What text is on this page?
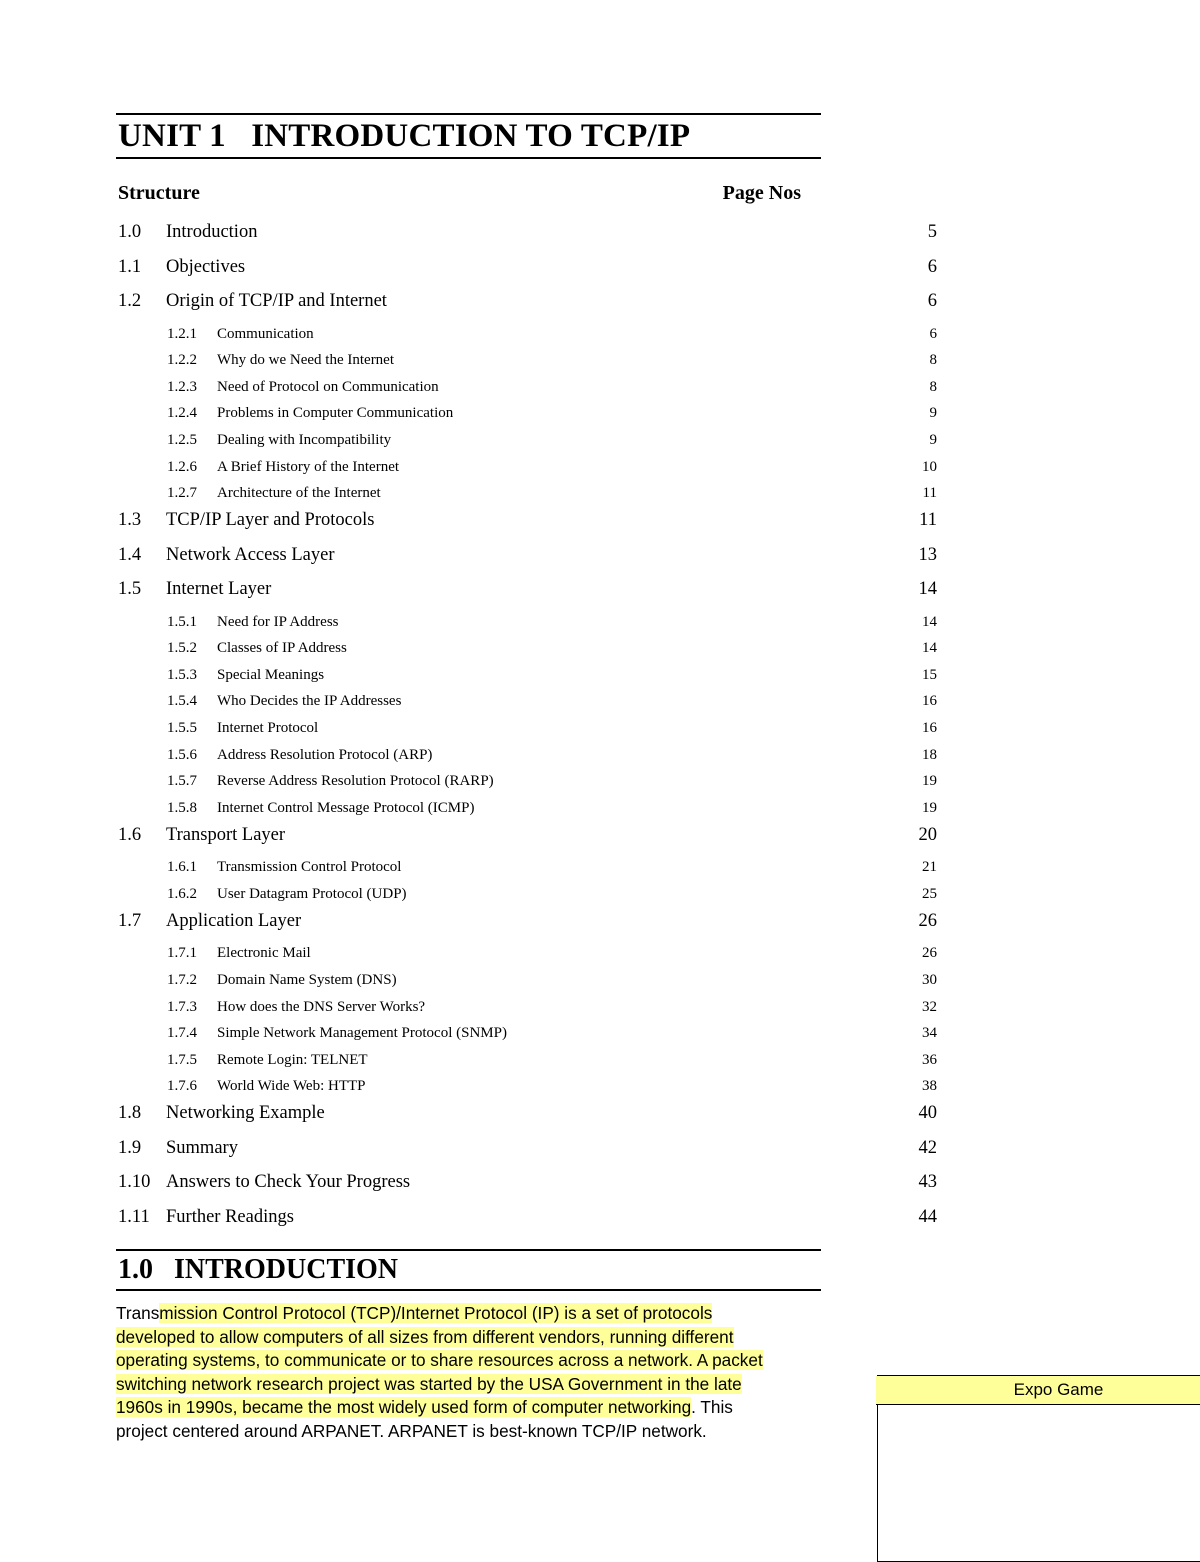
UNIT 1   INTRODUCTION TO TCP/IP
Structure	Page Nos
1.0 Introduction	5
1.1 Objectives	6
1.2 Origin of TCP/IP and Internet	6
1.2.1 Communication	6
1.2.2 Why do we Need the Internet	8
1.2.3 Need of Protocol on Communication	8
1.2.4 Problems in Computer Communication	9
1.2.5 Dealing with Incompatibility	9
1.2.6 A Brief History of the Internet	10
1.2.7 Architecture of the Internet	11
1.3 TCP/IP Layer and Protocols	11
1.4 Network Access Layer	13
1.5 Internet Layer	14
1.5.1 Need for IP Address	14
1.5.2 Classes of IP Address	14
1.5.3 Special Meanings	15
1.5.4 Who Decides the IP Addresses	16
1.5.5 Internet Protocol	16
1.5.6 Address Resolution Protocol (ARP)	18
1.5.7 Reverse Address Resolution Protocol (RARP)	19
1.5.8 Internet Control Message Protocol (ICMP)	19
1.6 Transport Layer	20
1.6.1 Transmission Control Protocol	21
1.6.2 User Datagram Protocol (UDP)	25
1.7 Application Layer	26
1.7.1 Electronic Mail	26
1.7.2 Domain Name System (DNS)	30
1.7.3 How does the DNS Server Works?	32
1.7.4 Simple Network Management Protocol (SNMP)	34
1.7.5 Remote Login: TELNET	36
1.7.6 World Wide Web: HTTP	38
1.8 Networking Example	40
1.9 Summary	42
1.10 Answers to Check Your Progress	43
1.11 Further Readings	44
1.0   INTRODUCTION
Transmission Control Protocol (TCP)/Internet Protocol (IP) is a set of protocols
developed to allow computers of all sizes from different vendors, running different
operating systems, to communicate or to share resources across a network. A packet
switching network research project was started by the USA Government in the late
1960s in 1990s, became the most widely used form of computer networking. This
project centered around ARPANET. ARPANET is best-known TCP/IP network.
Expo Game
